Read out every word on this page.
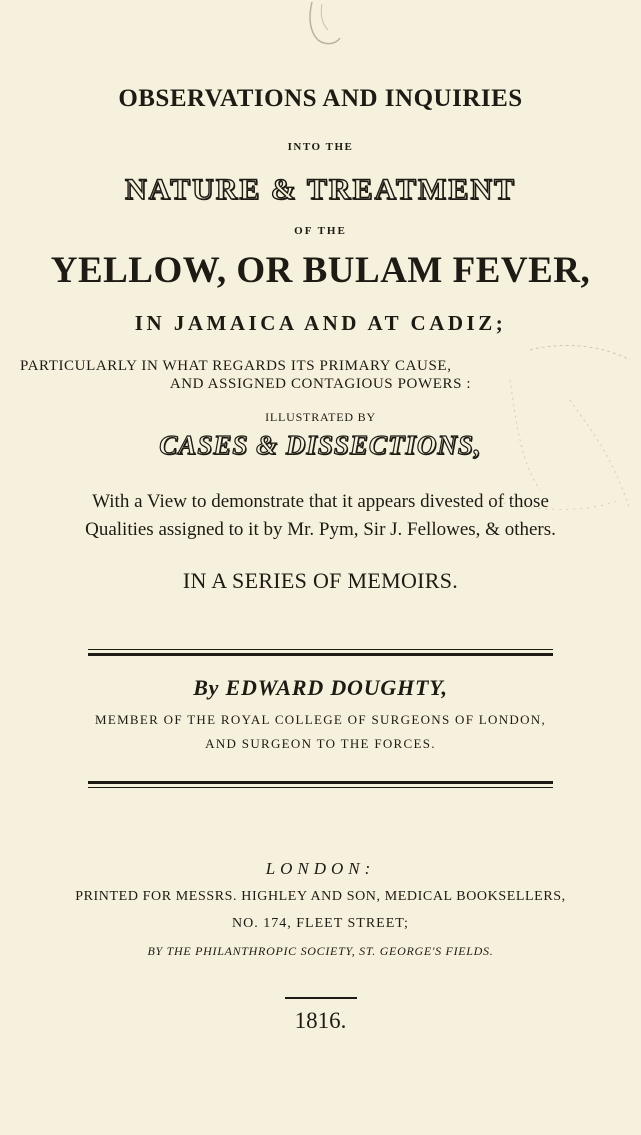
OBSERVATIONS AND INQUIRIES
INTO THE
NATURE & TREATMENT
OF THE
YELLOW, OR BULAM FEVER,
IN JAMAICA AND AT CADIZ;
PARTICULARLY IN WHAT REGARDS ITS PRIMARY CAUSE,
AND ASSIGNED CONTAGIOUS POWERS :
ILLUSTRATED BY
CASES & DISSECTIONS,
With a View to demonstrate that it appears divested of those
Qualities assigned to it by Mr. Pym, Sir J. Fellowes, & others.
IN A SERIES OF MEMOIRS.
By EDWARD DOUGHTY,
MEMBER OF THE ROYAL COLLEGE OF SURGEONS OF LONDON,
AND SURGEON TO THE FORCES.
LONDON:
PRINTED FOR MESSRS. HIGHLEY AND SON, MEDICAL BOOKSELLERS,
NO. 174, FLEET STREET;
BY THE PHILANTHROPIC SOCIETY, ST. GEORGE'S FIELDS.
1816.
